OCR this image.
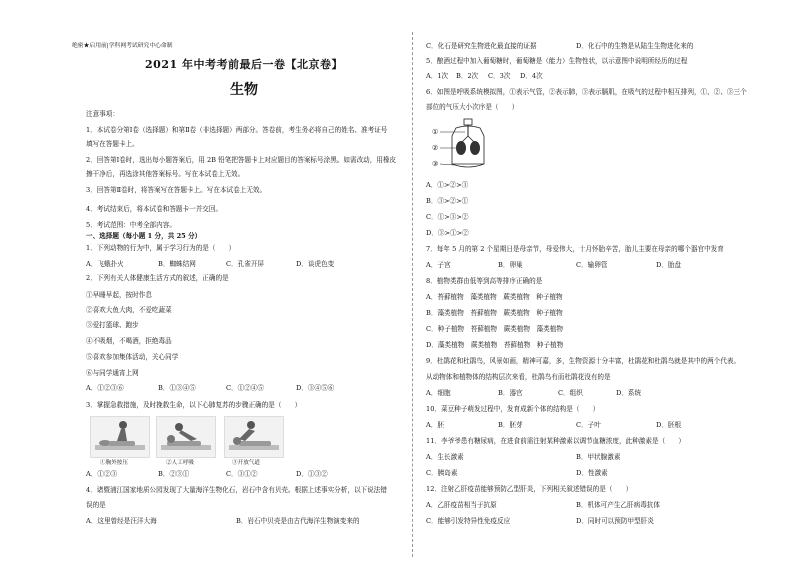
绝密★启用前|学科网考试研究中心命制
2021 年中考考前最后一卷【北京卷】
生物
注意事项：
1．本试卷分第Ⅰ卷（选择题）和第Ⅱ卷（非选择题）两部分。答卷前，考生务必将自己的姓名、准考证号
填写在答题卡上。
2．回答第Ⅰ卷时，选出每小题答案后，用 2B 铅笔把答题卡上对应题目的答案标号涂黑。如需改动，用橡皮
擦干净后，再选涂其他答案标号。写在本试卷上无效。
3．回答第Ⅱ卷时，将答案写在答题卡上。写在本试卷上无效。
4．考试结束后，将本试卷和答题卡一并交回。
5．考试范围：中考全部内容。
一、选择题（每小题 1 分，共 25 分）
1．下列动物的行为中，属于学习行为的是（　　）
A．飞蛾扑火	B．蜘蛛结网	C．孔雀开屏	D．谈虎色变
2．下列有关人体健康生活方式的叙述，正确的是
①早睡早起，按时作息
②喜欢大鱼大肉，不爱吃蔬菜
③爱打篮球、跑步
④不吸烟，不喝酒，拒绝毒品
⑤喜欢参加集体活动，关心同学
⑥与同学通宵上网
A．①②③⑥	B．①③④⑤	C．①②④⑤	D．③④⑤⑥
3．掌握急救措施，及时挽救生命，以下心肺复苏的步骤正确的是（　　）
①胸外按压	②人工呼吸	③开放气道
A．①②③	B．②③①	C．③①②	D．①③②
4．诸暨浦江国家地质公园发现了大量海洋生物化石，岩石中含有贝壳。根据上述事实分析，以下说法错
误的是
A．这里曾经是汪洋大海	B．岩石中贝壳是由古代海洋生物演变来的
C．化石是研究生物进化最直接的证据	D．化石中的生物是从陆生生物进化来的
5．酿酒过程中加入葡萄糖时，葡萄糖是（能力）生物性状，以示意图中说明所经历的过程
A．1次 B．2次 C．3次 D．4次
6．如图是呼吸系统模拟图，①表示气管，②表示肺，③表示膈肌，在吸气的过程中相互排列，①、②、③三个
部位的气压大小次序是（　　）
①
②
③
A．①>②>③
B．③>②>①
C．①>③>②
D．③>①>②
7．每年 5 月的第 2 个星期日是母亲节，母爱伟大，十月怀胎辛苦，胎儿主要在母亲的哪个器官中发育
A．子宫	B．卵巢	C．输卵管	D．胎盘
8．植物类群由低等到高等排序正确的是
A．苔藓植物　藻类植物　蕨类植物　种子植物
B．藻类植物　苔藓植物　蕨类植物　种子植物
C．种子植物　苔藓植物　蕨类植物　藻类植物
D．藻类植物　蕨类植物　苔藓植物　种子植物
9．杜鹃花和杜鹃鸟，风景如画，精神可嘉，多，生物资源十分丰富，杜鹃花和杜鹃鸟就是其中的两个代表。
从动物体和植物体的结构层次来看，杜鹃鸟有而杜鹃花没有的是
A．细胞	B．器官	C．组织	D．系统
10．菜豆种子萌发过程中，发育成新个体的结构是（　　）
A．胚	B．胚芽	C．子叶	D．胚根
11．李爷爷患有糖尿病，在进食前需注射某种激素以调节血糖浓度，此种激素是（　　）
A．生长激素	B．甲状腺激素
C．胰岛素	D．性激素
12．注射乙肝疫苗能够预防乙型肝炎，下列相关叙述错误的是（　　）
A．乙肝疫苗相当于抗原	B．机体可产生乙肝病毒抗体
C．能够引发特异性免疫反应	D．同时可以预防甲型肝炎
